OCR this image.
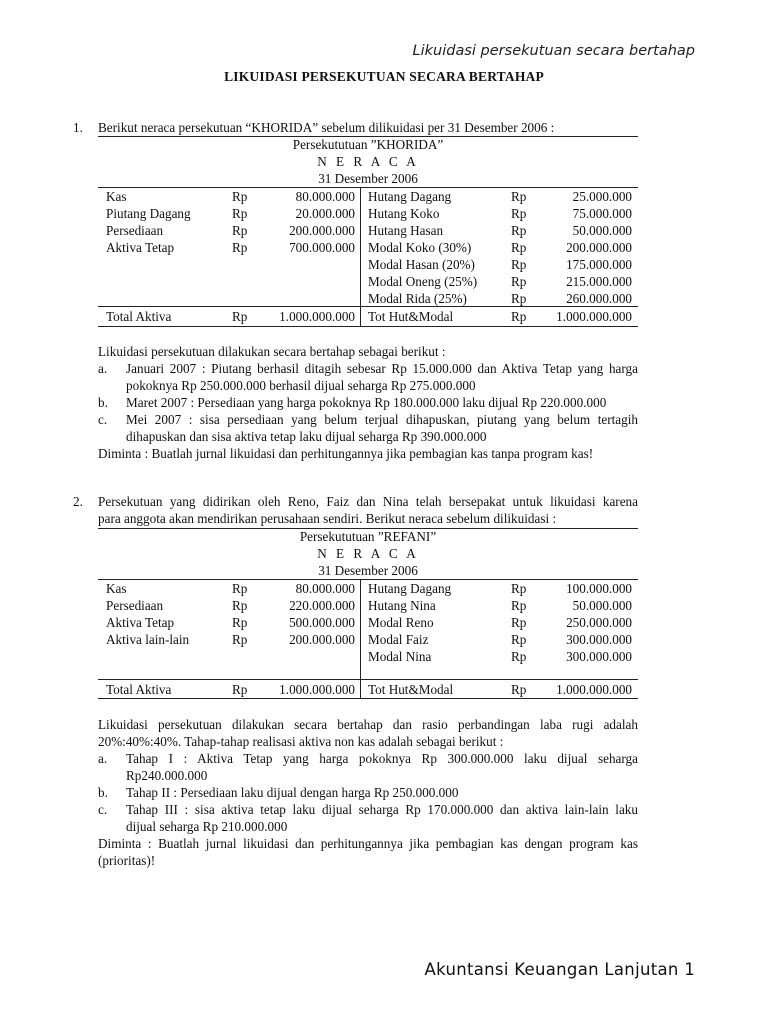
Likuidasi persekutuan secara bertahap
LIKUIDASI PERSEKUTUAN SECARA BERTAHAP
1. Berikut neraca persekutuan “KHORIDA” sebelum dilikuidasi per 31 Desember 2006 :
Persekututuan ”KHORIDA”
N E R A C A
31 Desember 2006
Kas	Rp	80.000.000 Hutang Dagang	Rp	25.000.000
Piutang Dagang	Rp	20.000.000 Hutang Koko	Rp	75.000.000
Persediaan	Rp	200.000.000 Hutang Hasan	Rp	50.000.000
Aktiva Tetap	Rp	700.000.000 Modal Koko (30%)	Rp	200.000.000
Modal Hasan (20%)	Rp	175.000.000
Modal Oneng (25%)	Rp	215.000.000
Modal Rida (25%)	Rp	260.000.000
Total Aktiva	Rp 1.000.000.000 Tot Hut&Modal	Rp 1.000.000.000
Likuidasi persekutuan dilakukan secara bertahap sebagai berikut :
a. Januari 2007 : Piutang berhasil ditagih sebesar Rp 15.000.000 dan Aktiva Tetap yang harga
pokoknya Rp 250.000.000 berhasil dijual seharga Rp 275.000.000
b. Maret 2007 : Persediaan yang harga pokoknya Rp 180.000.000 laku dijual Rp 220.000.000
c. Mei 2007 : sisa persediaan yang belum terjual dihapuskan, piutang yang belum tertagih
dihapuskan dan sisa aktiva tetap laku dijual seharga Rp 390.000.000
Diminta : Buatlah jurnal likuidasi dan perhitungannya jika pembagian kas tanpa program kas!
2. Persekutuan yang didirikan oleh Reno, Faiz dan Nina telah bersepakat untuk likuidasi karena
para anggota akan mendirikan perusahaan sendiri. Berikut neraca sebelum dilikuidasi :
Persekututuan ”REFANI”
N E R A C A
31 Desember 2006
Kas	Rp	80.000.000 Hutang Dagang	Rp	100.000.000
Persediaan	Rp	220.000.000 Hutang Nina	Rp	50.000.000
Aktiva Tetap	Rp	500.000.000 Modal Reno	Rp	250.000.000
Aktiva lain-lain	Rp	200.000.000 Modal Faiz	Rp	300.000.000
Modal Nina	Rp	300.000.000
Total Aktiva	Rp 1.000.000.000 Tot Hut&Modal	Rp 1.000.000.000
Likuidasi persekutuan dilakukan secara bertahap dan rasio perbandingan laba rugi adalah
20%:40%:40%. Tahap-tahap realisasi aktiva non kas adalah sebagai berikut :
a. Tahap I : Aktiva Tetap yang harga pokoknya Rp 300.000.000 laku dijual seharga
Rp240.000.000
b. Tahap II : Persediaan laku dijual dengan harga Rp 250.000.000
c. Tahap III : sisa aktiva tetap laku dijual seharga Rp 170.000.000 dan aktiva lain-lain laku
dijual seharga Rp 210.000.000
Diminta : Buatlah jurnal likuidasi dan perhitungannya jika pembagian kas dengan program kas
(prioritas)!
Akuntansi Keuangan Lanjutan 1
